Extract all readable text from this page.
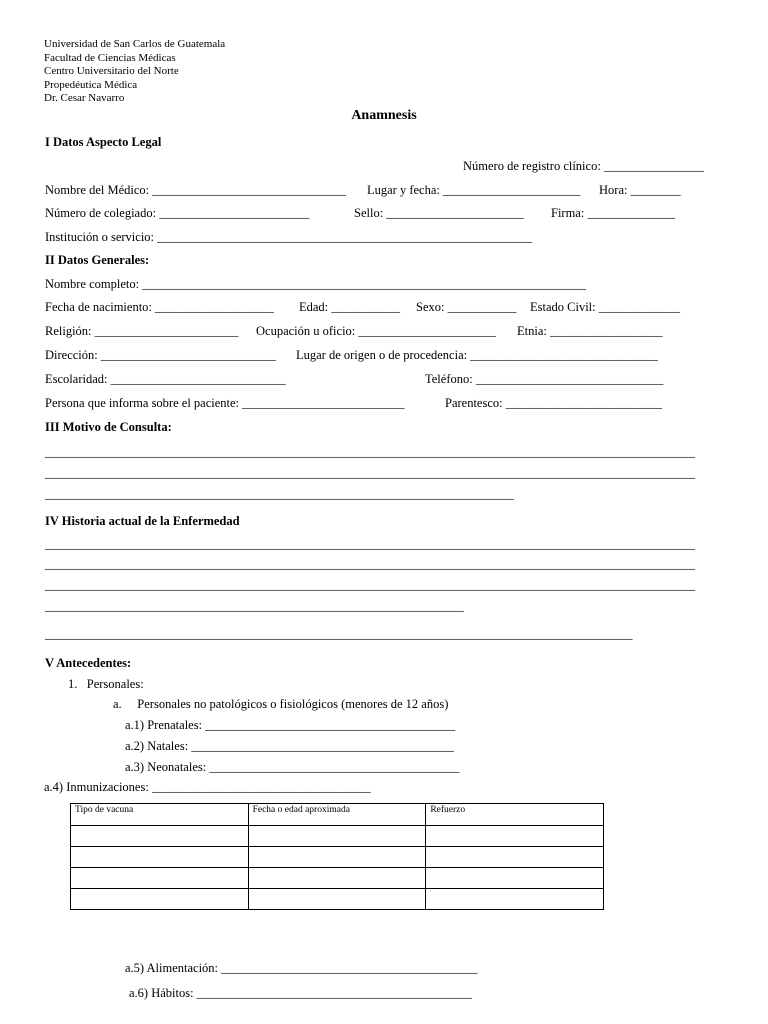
Universidad de San Carlos de Guatemala
Facultad de Ciencias Médicas
Centro Universitario del Norte
Propedéutica Médica
Dr. Cesar Navarro
Anamnesis
I Datos Aspecto Legal
Número de registro clínico: ________________
Nombre del Médico: _______________________________ Lugar y fecha: ______________________ Hora: ________
Número de colegiado: ________________________	Sello: ______________________ Firma: ______________
Institución o servicio: ____________________________________________________________
II Datos Generales:
Nombre completo: _______________________________________________________________________
Fecha de nacimiento: ___________________ Edad: ___________ Sexo: ___________ Estado Civil: _____________
Religión: _______________________ Ocupación u oficio: ______________________ Etnia: __________________
Dirección: ____________________________ Lugar de origen o de procedencia: ______________________________
Escolaridad: ____________________________	Teléfono: ______________________________
Persona que informa sobre el paciente: __________________________	Parentesco: _________________________
III Motivo de Consulta:
________________________________________________________________________________________________________
________________________________________________________________________________________________________
___________________________________________________________________________
IV Historia actual de la Enfermedad
________________________________________________________________________________________________________
________________________________________________________________________________________________________
________________________________________________________________________________________________________
___________________________________________________________________
______________________________________________________________________________________________
V Antecedentes:
1.   Personales:
a.     Personales no patológicos o fisiológicos (menores de 12 años)
a.1) Prenatales: ________________________________________
a.2) Natales: __________________________________________
a.3) Neonatales: ________________________________________
a.4) Inmunizaciones: ___________________________________
Tipo de vacuna	Fecha o edad aproximada	Refuerzo

a.5) Alimentación: _________________________________________
a.6) Hábitos: ____________________________________________
